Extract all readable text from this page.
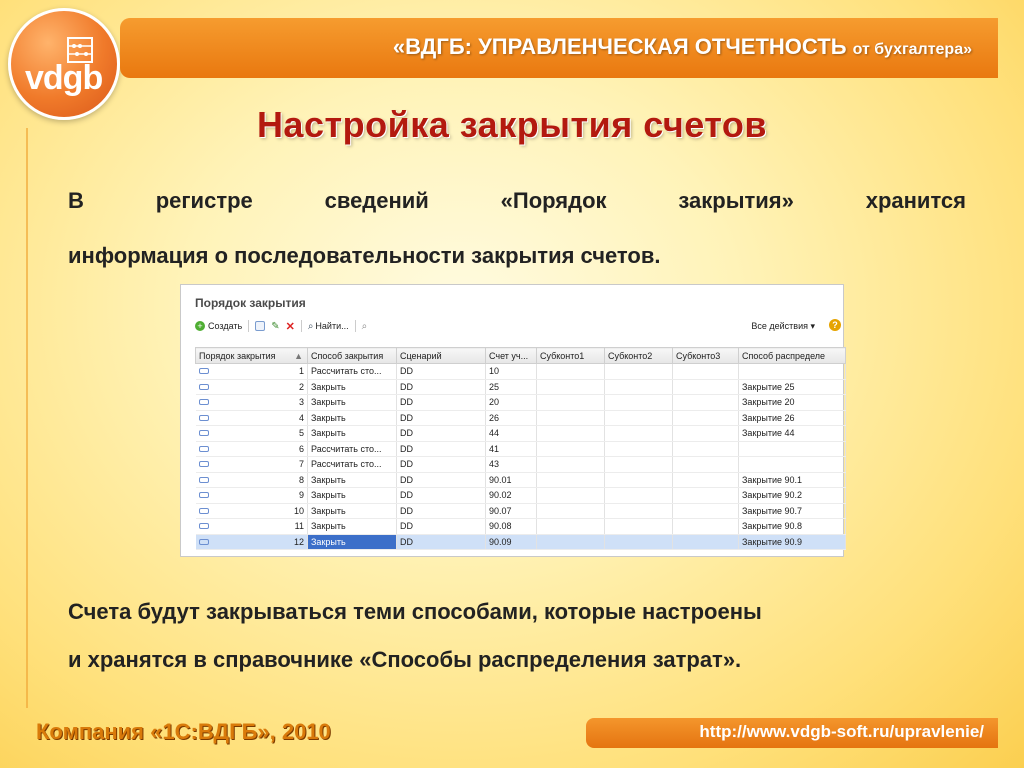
vdgb
«ВДГБ: УПРАВЛЕНЧЕСКАЯ ОТЧЕТНОСТЬ от бухгалтера»
Настройка закрытия счетов
В	регистре	сведений	«Порядок	закрытия»	хранится
информация о последовательности закрытия счетов.
Порядок закрытия
+ Создать	✎ ✕ ⌕ Найти... ⌕	Все действия ▾	?
Порядок закрытия ▲	Способ закрытия	Сценарий	Счет уч...	Субконто1	Субконто2	Субконто3	Способ распределе

1	Рассчитать сто...	DD	10				

2	Закрыть	DD	25				Закрытие 25

3	Закрыть	DD	20				Закрытие 20

4	Закрыть	DD	26				Закрытие 26

5	Закрыть	DD	44				Закрытие 44

6	Рассчитать сто...	DD	41				

7	Рассчитать сто...	DD	43				

8	Закрыть	DD	90.01				Закрытие 90.1

9	Закрыть	DD	90.02				Закрытие 90.2

10	Закрыть	DD	90.07				Закрытие 90.7

11	Закрыть	DD	90.08				Закрытие 90.8

12	Закрыть	DD	90.09				Закрытие 90.9
Счета будут закрываться теми способами, которые настроены
и хранятся в справочнике «Способы распределения затрат».
Компания «1С:ВДГБ», 2010	http://www.vdgb-soft.ru/upravlenie/
